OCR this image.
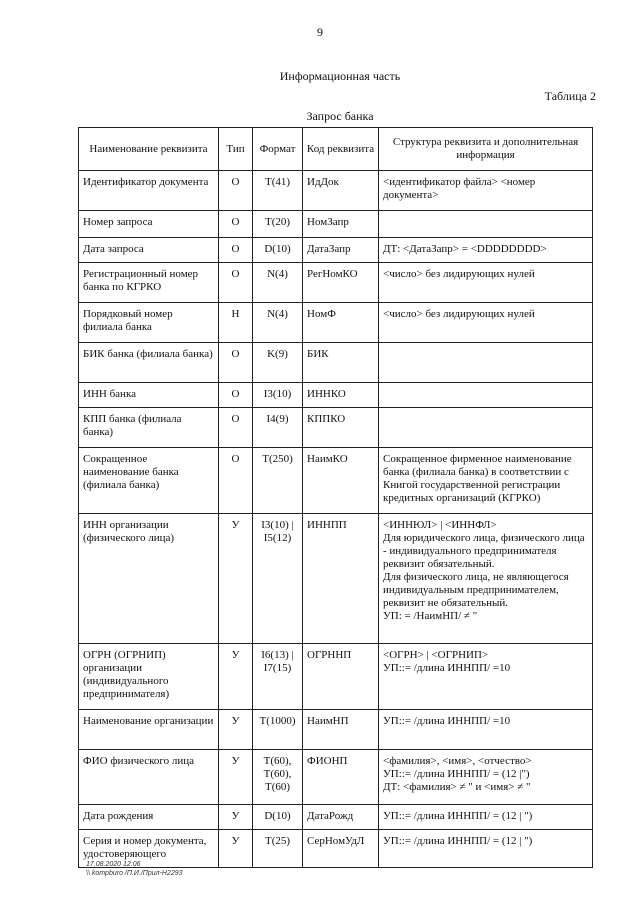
9
Информационная часть
Таблица 2
Запрос банка
Наименование реквизита	Тип	Формат	Код реквизита	Структура реквизита и дополнительная информация
Идентификатор документа	О	T(41)	ИдДок	<идентификатор файла> <номер документа>
Номер запроса	О	T(20)	НомЗапр	
Дата запроса	О	D(10)	ДатаЗапр	ДТ: <ДатаЗапр> = <DDDDDDDD>
Регистрационный номер банка по КГРКО	О	N(4)	РегНомКО	<число> без лидирующих нулей
Порядковый номер филиала банка	Н	N(4)	НомФ	<число> без лидирующих нулей
БИК банка (филиала банка)	О	K(9)	БИК	
ИНН банка	О	I3(10)	ИННКО	
КПП банка (филиала банка)	О	I4(9)	КППКО	
Сокращенное наименование банка (филиала банка)	О	T(250)	НаимКО	Сокращенное фирменное наименование банка (филиала банка) в соответствии с Книгой государственной регистрации кредитных организаций (КГРКО)
ИНН организации (физического лица)	У	I3(10) | I5(12)	ИННПП	<ИННЮЛ> | <ИННФЛ>
Для юридического лица, физического лица - индивидуального предпринимателя реквизит обязательный.
Для физического лица, не являющегося индивидуальным предпринимателем, реквизит не обязательный.
УП: = /НаимНП/ ≠ "
ОГРН (ОГРНИП) организации (индивидуального предпринимателя)	У	I6(13) | I7(15)	ОГРННП	<ОГРН> | <ОГРНИП>
УП::= /длина ИННПП/ =10
Наименование организации	У	T(1000)	НаимНП	УП::= /длина ИННПП/ =10
ФИО физического лица	У	T(60), T(60), T(60)	ФИОНП	<фамилия>, <имя>, <отчество>
УП::= /длина ИННПП/ = (12 |")
ДТ: <фамилия> ≠ " и <имя> ≠ "
Дата рождения	У	D(10)	ДатаРожд	УП::= /длина ИННПП/ = (12 | ")
Серия и номер документа, удостоверяющего	У	T(25)	СерНомУдЛ	УП::= /длина ИННПП/ = (12 | ")
17.08.2020 12:06
\\ kompburo /П.И./Прил-Н2293
